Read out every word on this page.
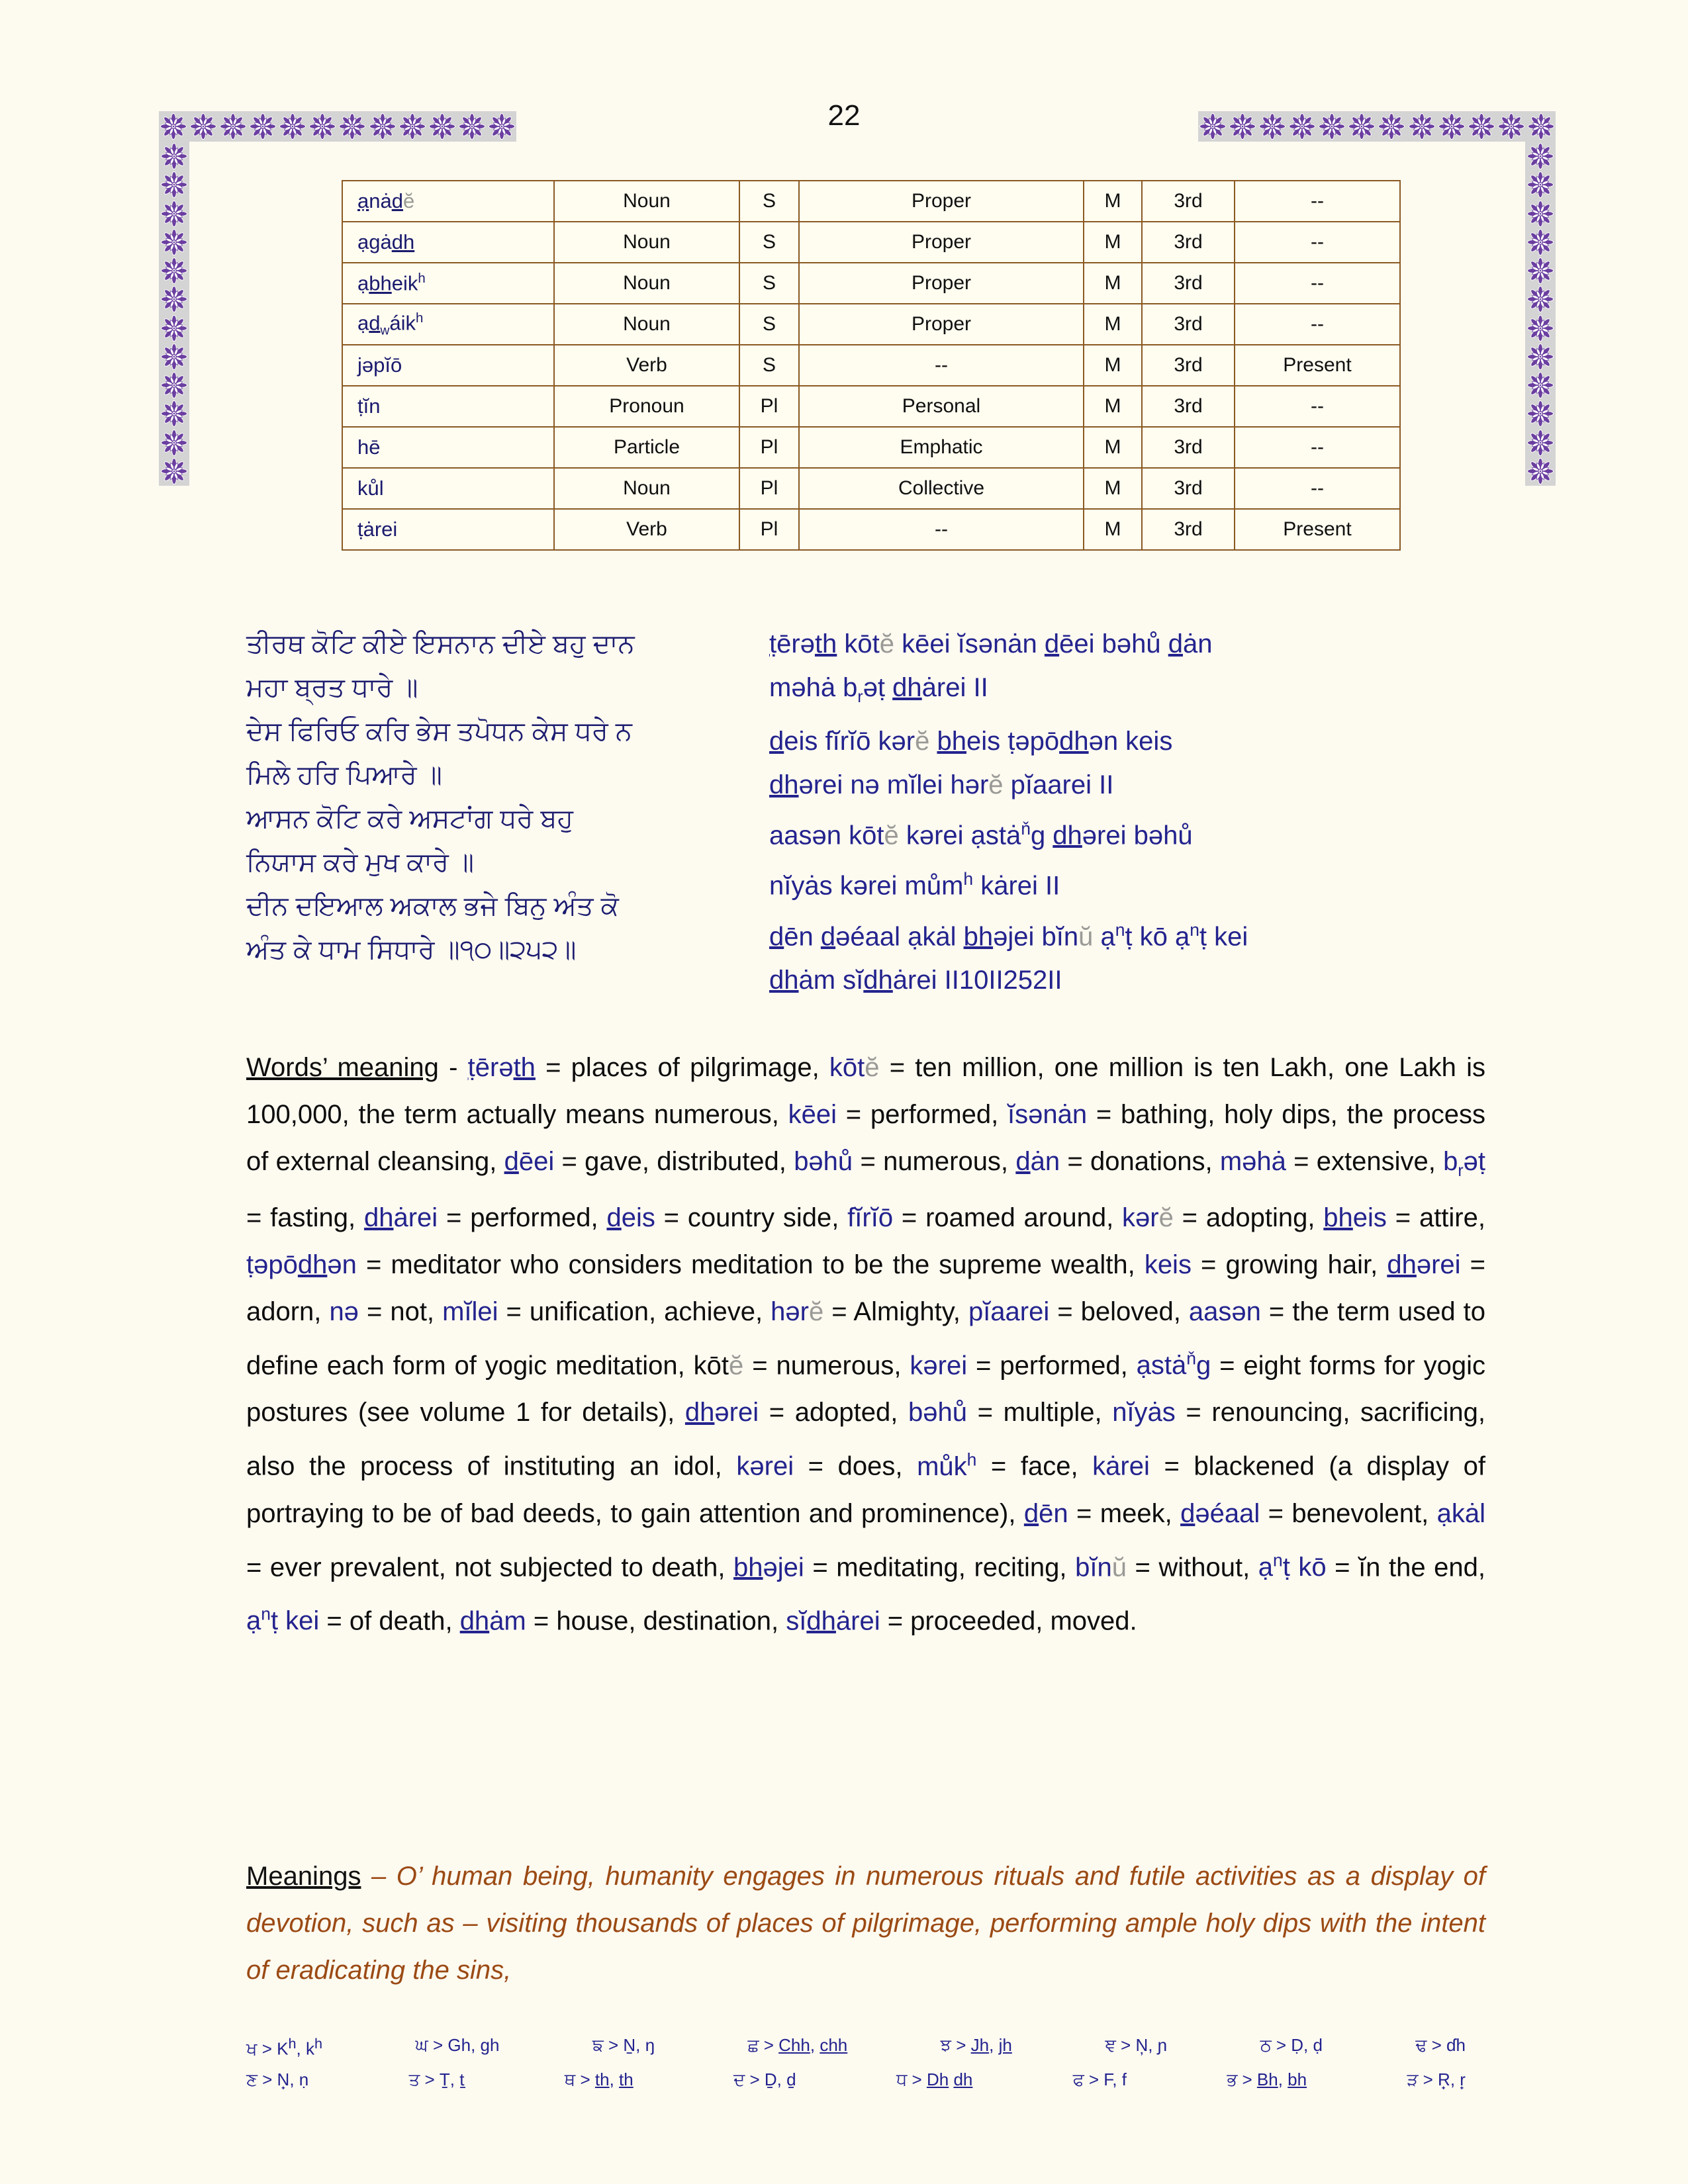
22
ạnȧdĕ	Noun	S	Proper	M	3rd	--
ạgȧdh	Noun	S	Proper	M	3rd	--
ạbheik$^h$	Noun	S	Proper	M	3rd	--
ạd$_w$áik$^h$	Noun	S	Proper	M	3rd	--
jəpĭō	Verb	S	--	M	3rd	Present
ṭĭn	Pronoun	Pl	Personal	M	3rd	--
hē	Particle	Pl	Emphatic	M	3rd	--
kůl	Noun	Pl	Collective	M	3rd	--
ṭȧrei	Verb	Pl	--	M	3rd	Present
ਤੀਰਥ ਕੋਟਿ ਕੀਏ ਇਸਨਾਨ ਦੀਏ ਬਹੁ ਦਾਨ
ਮਹਾ ਬ੍ਰਤ ਧਾਰੇ ॥
ਦੇਸ ਫਿਰਿਓ ਕਰਿ ਭੇਸ ਤਪੋਧਨ ਕੇਸ ਧਰੇ ਨ
ਮਿਲੇ ਹਰਿ ਪਿਆਰੇ ॥
ਆਸਨ ਕੋਟਿ ਕਰੇ ਅਸਟਾਂਗ ਧਰੇ ਬਹੁ
ਨਿਯਾਸ ਕਰੇ ਮੁਖ ਕਾਰੇ ॥
ਦੀਨ ਦਇਆਲ ਅਕਾਲ ਭਜੇ ਬਿਨੁ ਅੰਤ ਕੋ
ਅੰਤ ਕੇ ਧਾਮ ਸਿਧਾਰੇ ॥੧੦॥੨੫੨॥
ṭērəth kōtĕ kēei ĭsənȧn dēei bəhů dȧn
məhȧ $b_rəṭ$ dhȧrei II
deis fĭrĭō kərĕ bheis ṭəpōdhən keis
dhərei nə mĭlei hərĕ pĭaarei II
aasən kōtĕ kərei ạstȧ$^ň$g dhərei bəhů
nĭyȧs kərei mům$^h$ kȧrei II
dēn dəéaal ạkȧl bhəjei bĭnŭ ạ$^n$ṭ kō ạ$^n$ṭ kei
dhȧm sĭdhȧrei II10II252II
Words’ meaning - ṭērəth = places of pilgrimage, kōtĕ = ten million, one million is ten Lakh, one Lakh is 100,000, the term actually means numerous, kēei = performed, ĭsənȧn = bathing, holy dips, the process of external cleansing, dēei = gave, distributed, bəhů = numerous, dȧn = donations, məhȧ = extensive, $b_rəṭ$ = fasting, dhȧrei = performed, deis = country side, fĭrĭō = roamed around, kərĕ = adopting, bheis = attire, ṭəpōdhən = meditator who considers meditation to be the supreme wealth, keis = growing hair, dhərei = adorn, nə = not, mĭlei = unification, achieve, hərĕ = Almighty, pĭaarei = beloved, aasən = the term used to define each form of yogic meditation, kōtĕ = numerous, kərei = performed, ạstȧ$^ň$g = eight forms for yogic postures (see volume 1 for details), dhərei = adopted, bəhů = multiple, nĭyȧs = renouncing, sacrificing, also the process of instituting an idol, kərei = does, můk$^h$ = face, kȧrei = blackened (a display of portraying to be of bad deeds, to gain attention and prominence), dēn = meek, dəéaal = benevolent, ạkȧl = ever prevalent, not subjected to death, bhəjei = meditating, reciting, bĭnŭ = without, ạ$^n$ṭ kō = ĭn the end, ạ$^n$ṭ kei = of death, dhȧm = house, destination, sĭdhȧrei = proceeded, moved.
Meanings – O’ human being, humanity engages in numerous rituals and futile activities as a display of devotion, such as – visiting thousands of places of pilgrimage, performing ample holy dips with the intent of eradicating the sins,
ਖ > $K^h$, $k^h$	ਘ > Gh, gh	ਙ > N̠, ŋ	ਛ > Chh, chh	ਝ > Jh, jh	ਞ > N̦, ɲ	ਠ > Ḍ, ḍ	ਢ > ɗh
ਣ > N̟, ṇ	ਤ > T̠, t̠	ਥ > th, th	ਦ > D̠, d̠	ਧ > Dh dh	ਫ > F, f	ਭ > Bh, bh	ੜ > R̟, r̟
